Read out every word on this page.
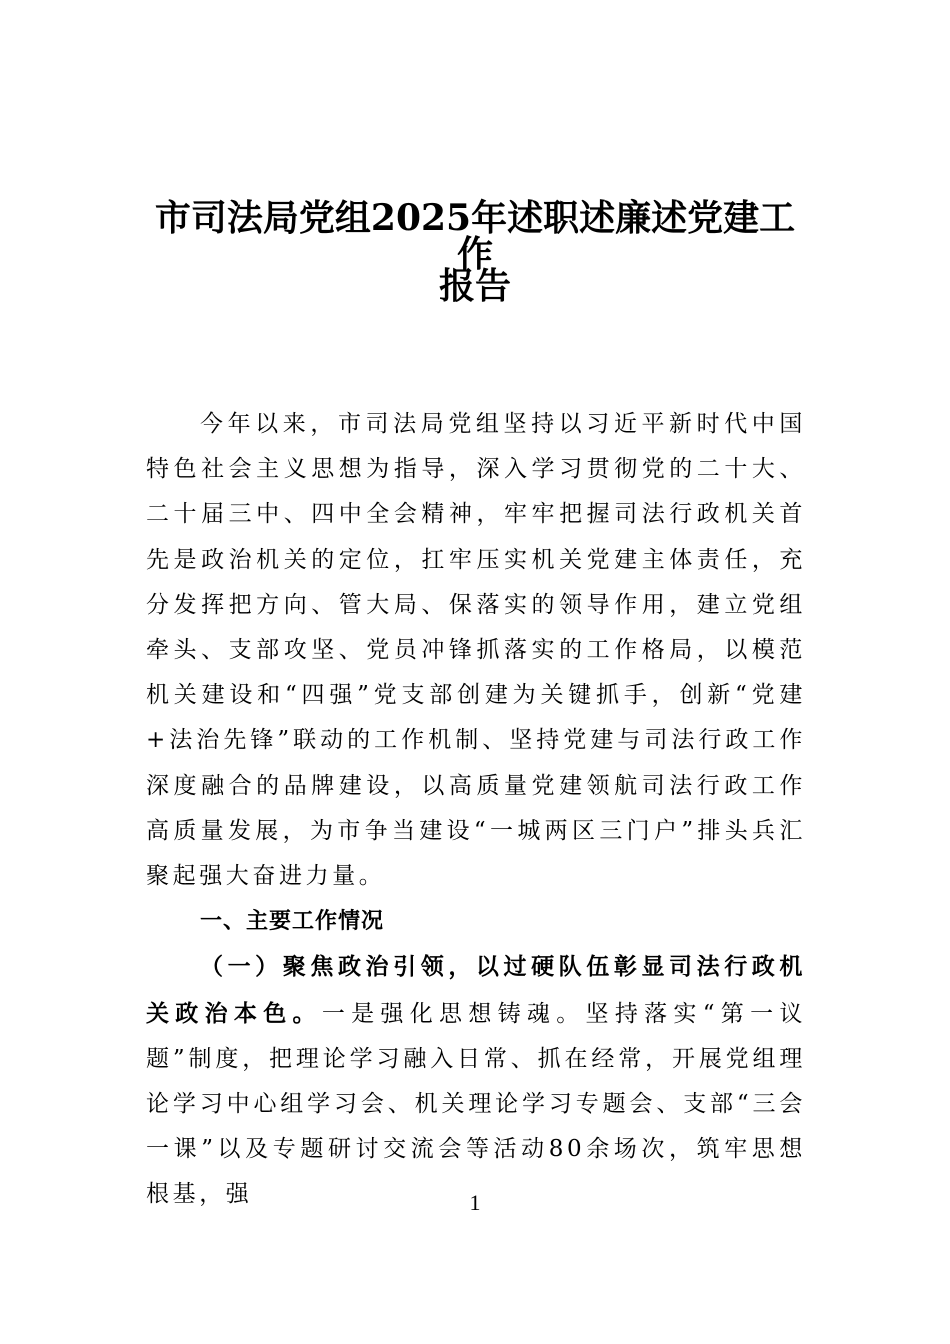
市司法局党组2025年述职述廉述党建工作
报告

今年以来，市司法局党组坚持以习近平新时代中国特色社会主义思想为指导，深入学习贯彻党的二十大、二十届三中、四中全会精神，牢牢把握司法行政机关首先是政治机关的定位，扛牢压实机关党建主体责任，充分发挥把方向、管大局、保落实的领导作用，建立党组牵头、支部攻坚、党员冲锋抓落实的工作格局，以模范机关建设和“四强”党支部创建为关键抓手，创新“党建+法治先锋”联动的工作机制、坚持党建与司法行政工作深度融合的品牌建设，以高质量党建领航司法行政工作高质量发展，为市争当建设“一城两区三门户”排头兵汇聚起强大奋进力量。

一、主要工作情况

（一）聚焦政治引领，以过硬队伍彰显司法行政机关政治本色。一是强化思想铸魂。坚持落实“第一议题”制度，把理论学习融入日常、抓在经常，开展党组理论学习中心组学习会、机关理论学习专题会、支部“三会一课”以及专题研讨交流会等活动80余场次，筑牢思想根基，强	1
